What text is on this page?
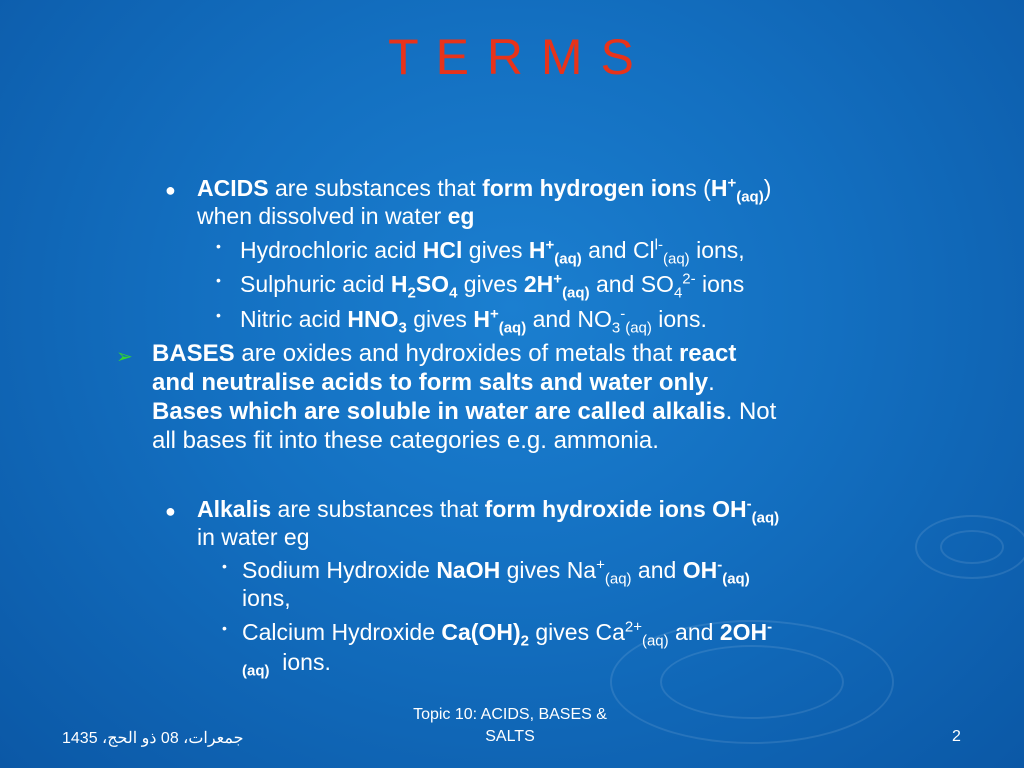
T E R M S
● ACIDS are substances that form hydrogen ions $(H^+_{(aq)})$
when dissolved in water eg
• Hydrochloric acid HCl gives $H^+_{(aq)}$ and $Cl^{l-}_{(aq)}$ ions,
• Sulphuric acid $H_2SO_4$ gives $2H^+_{(aq)}$ and $SO_4^{2-}$ ions
• Nitric acid $HNO_3$ gives $H^+_{(aq)}$ and $NO_3^-_{(aq)}$ ions.
➢ BASES are oxides and hydroxides of metals that react
and neutralise acids to form salts and water only.
Bases which are soluble in water are called alkalis. Not
all bases fit into these categories e.g. ammonia.
● Alkalis are substances that form hydroxide ions $OH^-_{(aq)}$
in water eg
• Sodium Hydroxide NaOH gives $Na^+_{(aq)}$ and $OH^-_{(aq)}$
ions,
• Calcium Hydroxide $Ca(OH)_2$ gives $Ca^{2+}_{(aq)}$ and 2OH-
$_{(aq)}$  ions.
جمعرات، 08 ذو الحج، 1435
Topic 10: ACIDS, BASES &
SALTS	2
